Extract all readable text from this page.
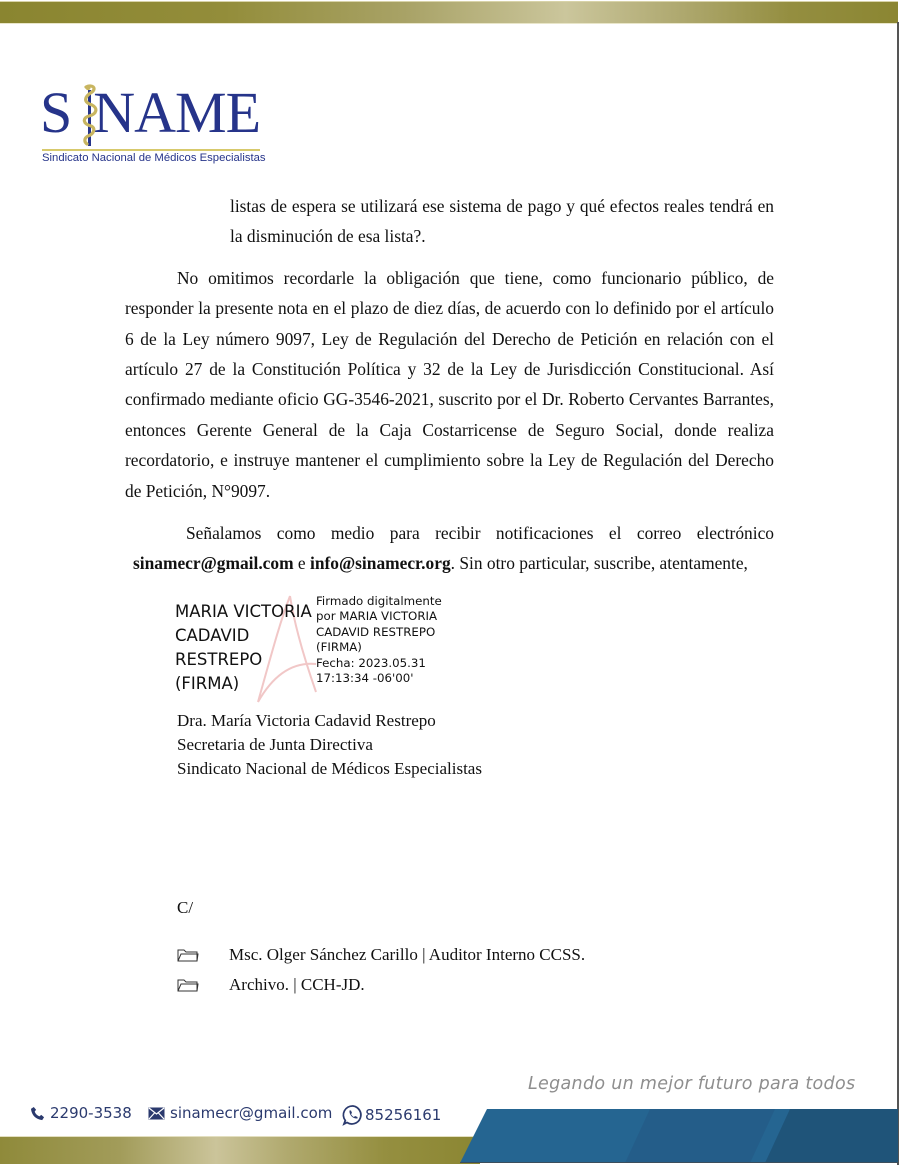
S NAME
Sindicato Nacional de Médicos Especialistas
listas de espera se utilizará ese sistema de pago y qué efectos reales tendrá en
la disminución de esa lista?.
No omitimos recordarle la obligación que tiene, como funcionario público, de
responder la presente nota en el plazo de diez días, de acuerdo con lo definido por el artículo
6 de la Ley número 9097, Ley de Regulación del Derecho de Petición en relación con el
artículo 27 de la Constitución Política y 32 de la Ley de Jurisdicción Constitucional. Así
confirmado mediante oficio GG-3546-2021, suscrito por el Dr. Roberto Cervantes Barrantes,
entonces Gerente General de la Caja Costarricense de Seguro Social, donde realiza
recordatorio, e instruye mantener el cumplimiento sobre la Ley de Regulación del Derecho
de Petición, N°9097.
Señalamos como medio para recibir notificaciones el correo electrónico
sinamecr@gmail.com e info@sinamecr.org. Sin otro particular, suscribe, atentamente,
MARIA VICTORIA
CADAVID
RESTREPO
(FIRMA)
Firmado digitalmente
por MARIA VICTORIA
CADAVID RESTREPO
(FIRMA)
Fecha: 2023.05.31
17:13:34 -06'00'
Dra. María Victoria Cadavid Restrepo
Secretaria de Junta Directiva
Sindicato Nacional de Médicos Especialistas
C/
Msc. Olger Sánchez Carillo | Auditor Interno CCSS.
Archivo. | CCH-JD.
Legando un mejor futuro para todos
2290-3538	sinamecr@gmail.com 85256161
